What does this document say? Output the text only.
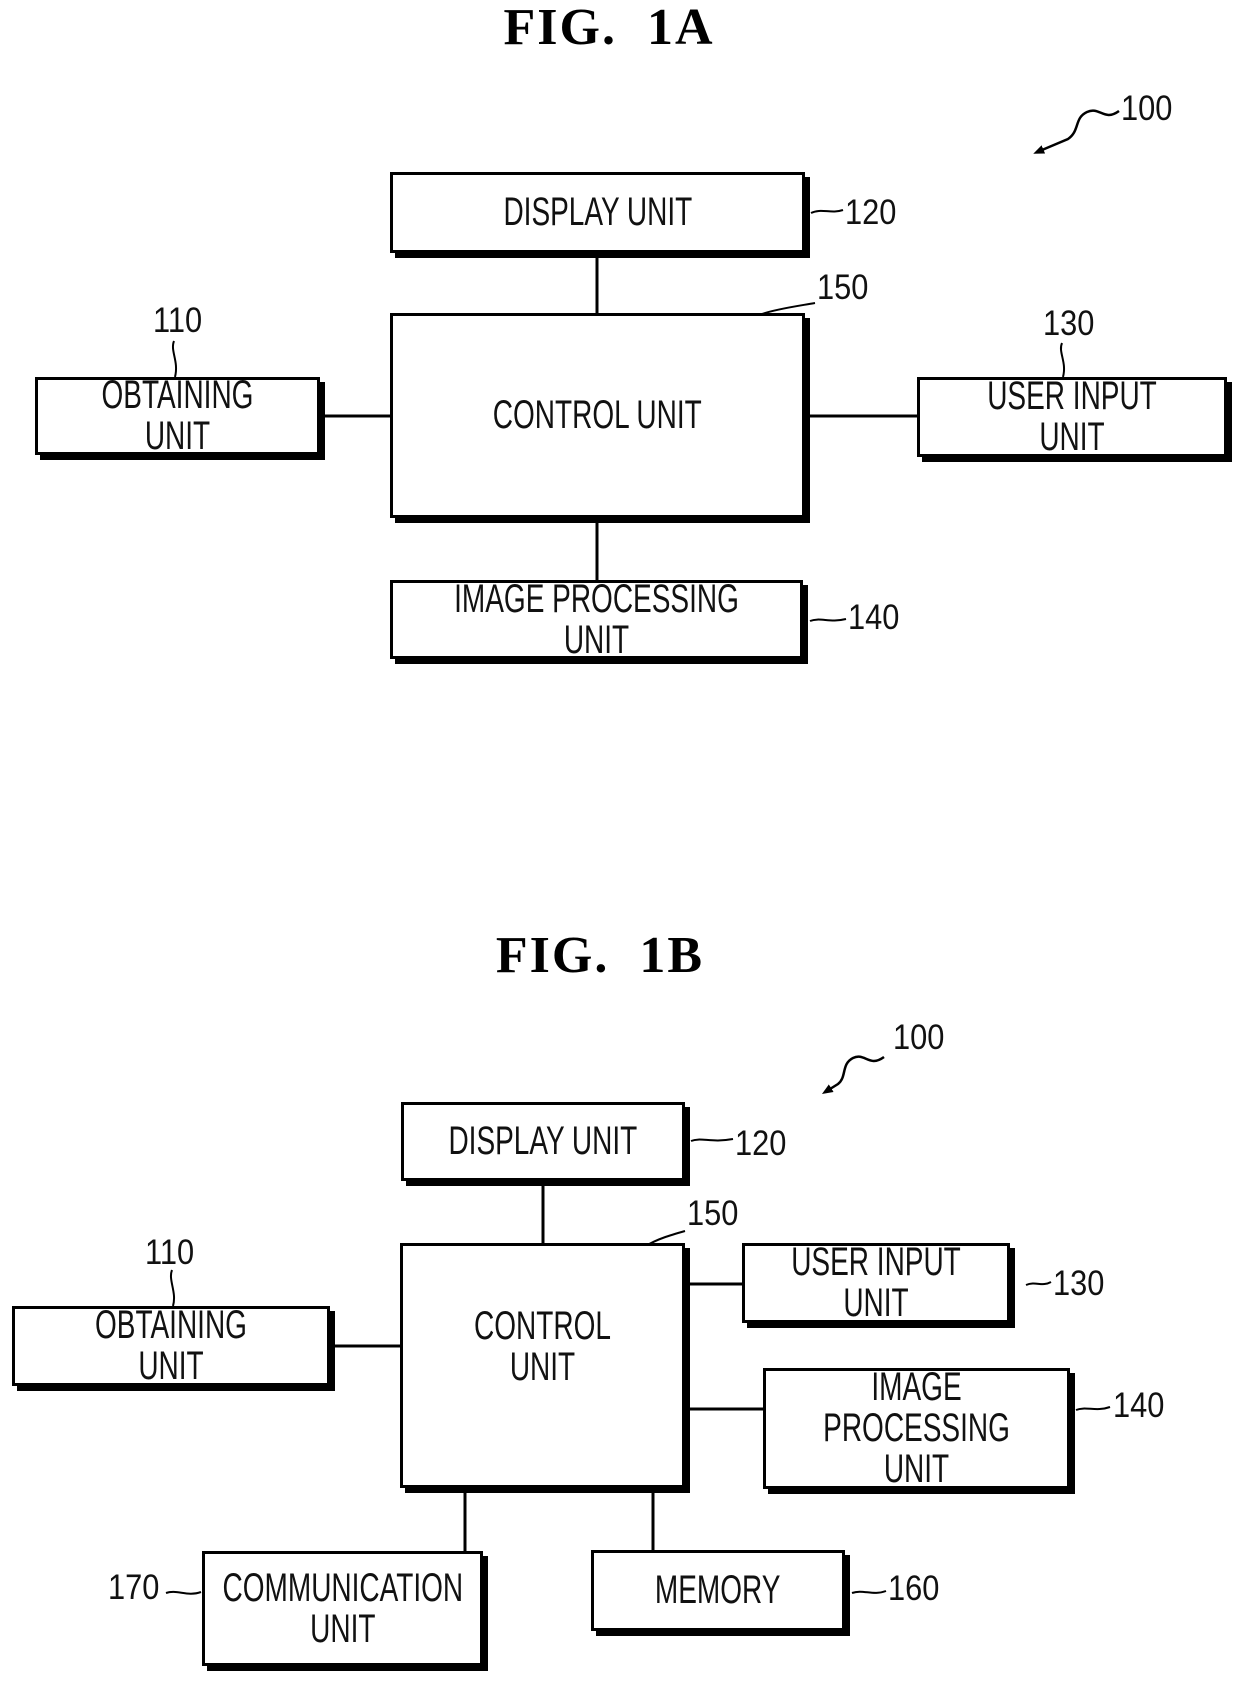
FIG.  1A
DISPLAY UNIT
CONTROL UNIT
OBTAINING UNIT
USER INPUT UNIT
IMAGE PROCESSING UNIT
100
120
150
110	130
140
FIG.  1B
DISPLAY UNIT
CONTROL UNIT
OBTAINING UNIT
USER INPUT UNIT
IMAGE
PROCESSING UNIT
COMMUNICATION
UNIT
MEMORY
100
120
150
110
130
140
170	160
